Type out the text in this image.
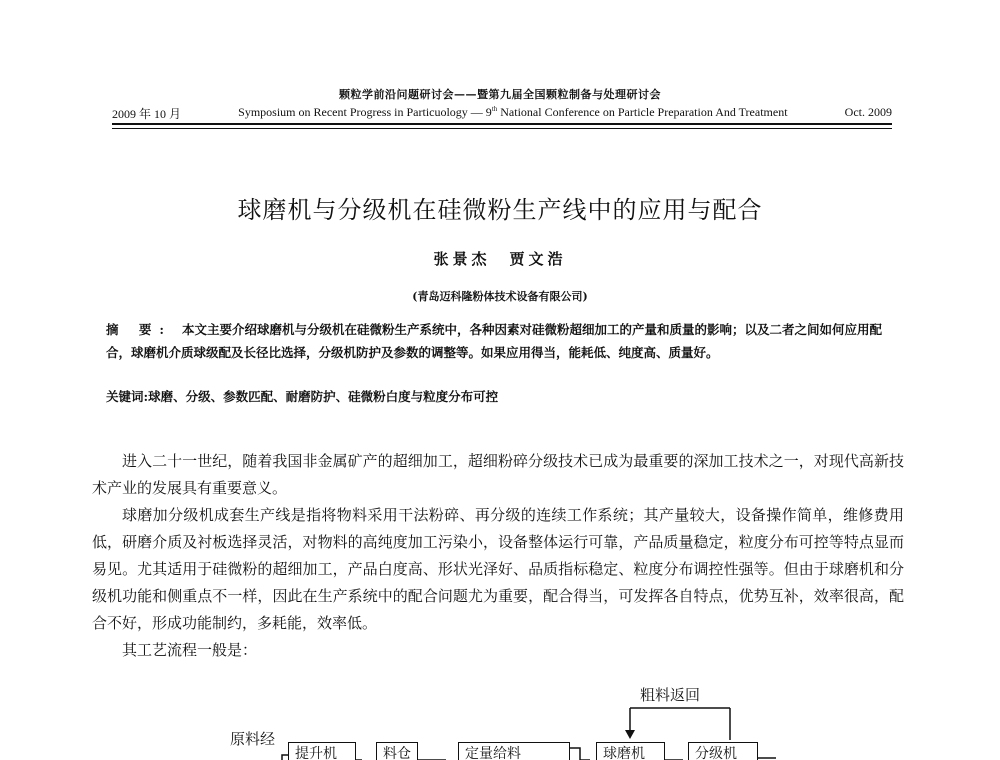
颗粒学前沿问题研讨会——暨第九届全国颗粒制备与处理研讨会
2009 年 10 月	Symposium on Recent Progress in Particuology — 9th National Conference on Particle Preparation And Treatment	Oct. 2009
球磨机与分级机在硅微粉生产线中的应用与配合
张景杰　贾文浩
(青岛迈科隆粉体技术设备有限公司)
摘 要: 本文主要介绍球磨机与分级机在硅微粉生产系统中，各种因素对硅微粉超细加工的产量和质量的影响；以及二者之间如何应用配合，球磨机介质球级配及长径比选择，分级机防护及参数的调整等。如果应用得当，能耗低、纯度高、质量好。
关键词:球磨、分级、参数匹配、耐磨防护、硅微粉白度与粒度分布可控

进入二十一世纪，随着我国非金属矿产的超细加工，超细粉碎分级技术已成为最重要的深加工技术之一，对现代高新技术产业的发展具有重要意义。

球磨加分级机成套生产线是指将物料采用干法粉碎、再分级的连续工作系统；其产量较大，设备操作简单，维修费用低，研磨介质及衬板选择灵活，对物料的高纯度加工污染小，设备整体运行可靠，产品质量稳定，粒度分布可控等特点显而易见。尤其适用于硅微粉的超细加工，产品白度高、形状光泽好、品质指标稳定、粒度分布调控性强等。但由于球磨机和分级机功能和侧重点不一样，因此在生产系统中的配合问题尤为重要，配合得当，可发挥各自特点，优势互补，效率很高，配合不好，形成功能制约，多耗能，效率低。

其工艺流程一般是：

粗料返回
原料经
提升机	料仓	定量给料	球磨机	分级机
